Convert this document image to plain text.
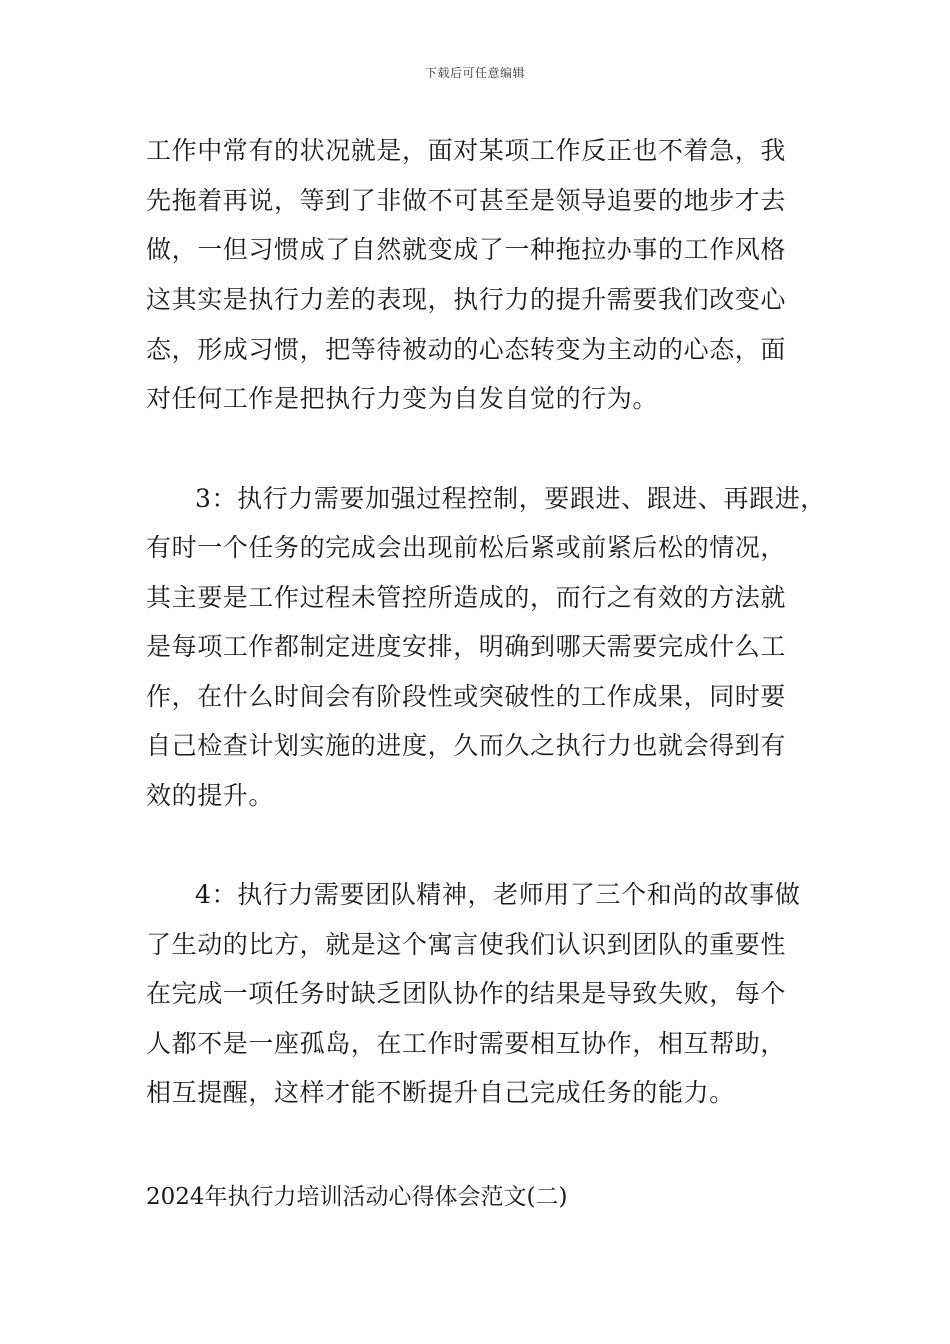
下载后可任意编辑
工作中常有的状况就是，面对某项工作反正也不着急，我
先拖着再说，等到了非做不可甚至是领导追要的地步才去
做，一但习惯成了自然就变成了一种拖拉办事的工作风格
这其实是执行力差的表现，执行力的提升需要我们改变心
态，形成习惯，把等待被动的心态转变为主动的心态，面
对任何工作是把执行力变为自发自觉的行为。
3：执行力需要加强过程控制，要跟进、跟进、再跟进，
有时一个任务的完成会出现前松后紧或前紧后松的情况，
其主要是工作过程未管控所造成的，而行之有效的方法就
是每项工作都制定进度安排，明确到哪天需要完成什么工
作，在什么时间会有阶段性或突破性的工作成果，同时要
自己检查计划实施的进度，久而久之执行力也就会得到有
效的提升。
4：执行力需要团队精神，老师用了三个和尚的故事做
了生动的比方，就是这个寓言使我们认识到团队的重要性
在完成一项任务时缺乏团队协作的结果是导致失败，每个
人都不是一座孤岛，在工作时需要相互协作，相互帮助，
相互提醒，这样才能不断提升自己完成任务的能力。
2024年执行力培训活动心得体会范文(二)
